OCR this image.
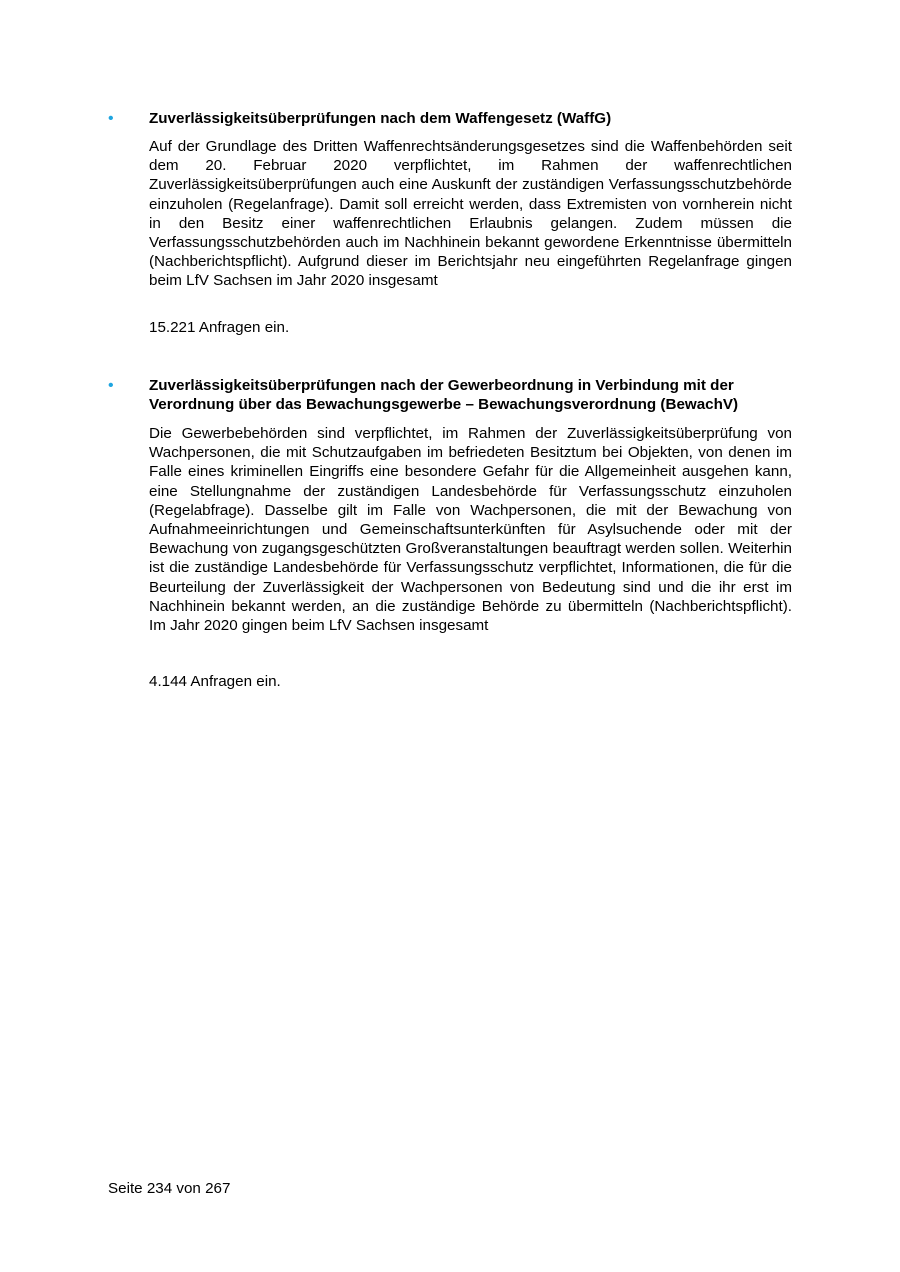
•	Zuverlässigkeitsüberprüfungen nach dem Waffengesetz (WaffG)
Auf der Grundlage des Dritten Waffenrechtsänderungsgesetzes sind die Waffenbehörden seit dem 20. Februar 2020 verpflichtet, im Rahmen der waffenrechtlichen Zuverlässigkeitsüberprüfungen auch eine Auskunft der zuständigen Verfassungsschutzbehörde einzuholen (Regelanfrage). Damit soll erreicht werden, dass Extremisten von vornherein nicht in den Besitz einer waffenrechtlichen Erlaubnis gelangen. Zudem müssen die Verfassungsschutzbehörden auch im Nachhinein bekannt gewordene Erkenntnisse übermitteln (Nachberichtspflicht). Aufgrund dieser im Berichtsjahr neu eingeführten Regelanfrage gingen beim LfV Sachsen im Jahr 2020 insgesamt
15.221 Anfragen ein.
•	Zuverlässigkeitsüberprüfungen nach der Gewerbeordnung in Verbindung mit der Verordnung über das Bewachungsgewerbe – Bewachungsverordnung (BewachV)
Die Gewerbebehörden sind verpflichtet, im Rahmen der Zuverlässigkeitsüberprüfung von Wachpersonen, die mit Schutzaufgaben im befriedeten Besitztum bei Objekten, von denen im Falle eines kriminellen Eingriffs eine besondere Gefahr für die Allgemeinheit ausgehen kann, eine Stellungnahme der zuständigen Landesbehörde für Verfassungsschutz einzuholen (Regelabfrage). Dasselbe gilt im Falle von Wachpersonen, die mit der Bewachung von Aufnahmeeinrichtungen und Gemeinschaftsunterkünften für Asylsuchende oder mit der Bewachung von zugangsgeschützten Großveranstaltungen beauftragt werden sollen. Weiterhin ist die zuständige Landesbehörde für Verfassungsschutz verpflichtet, Informationen, die für die Beurteilung der Zuverlässigkeit der Wachpersonen von Bedeutung sind und die ihr erst im Nachhinein bekannt werden, an die zuständige Behörde zu übermitteln (Nachberichtspflicht). Im Jahr 2020 gingen beim LfV Sachsen insgesamt
4.144 Anfragen ein.
Seite 234 von 267
